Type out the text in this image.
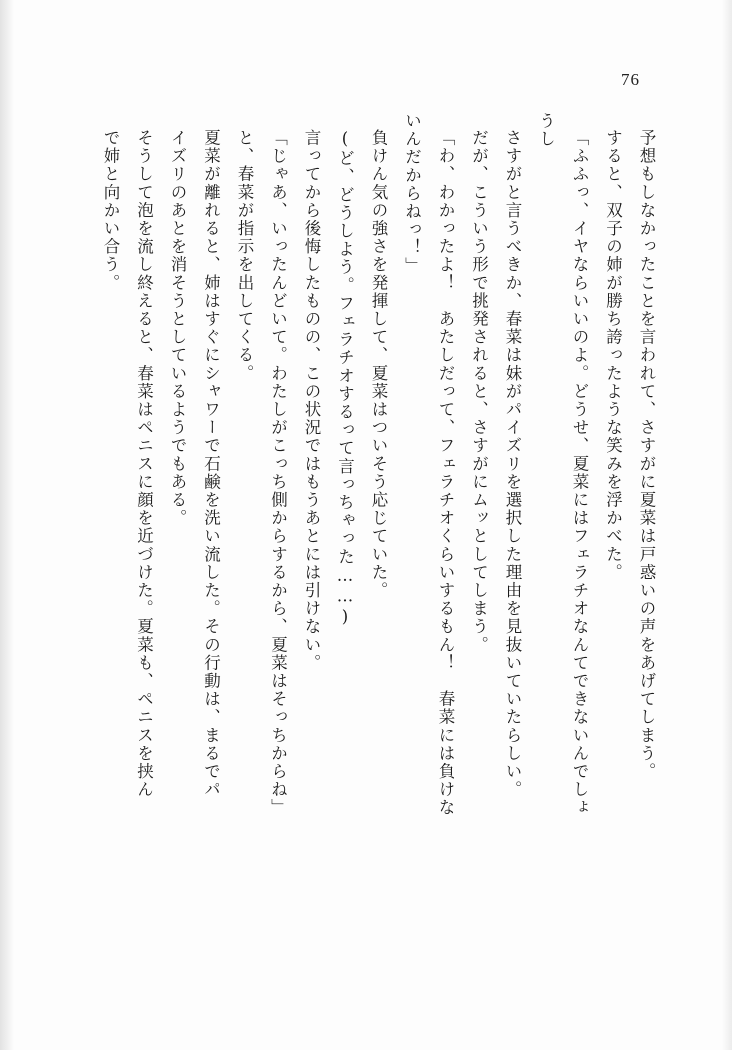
76
予想もしなかったことを言われて、さすがに夏菜は戸惑いの声をあげてしまう。
すると、双子の姉が勝ち誇ったような笑みを浮かべた。
「ふふっ、イヤならいいのよ。どうせ、夏菜にはフェラチオなんてできないんでしょ
うし
さすがと言うべきか、春菜は妹がパイズリを選択した理由を見抜いていたらしい。
だが、こういう形で挑発されると、さすがにムッとしてしまう。
「わ、わかったよ！　あたしだって、フェラチオくらいするもん！　春菜には負けな
いんだからねっ！」
負けん気の強さを発揮して、夏菜はついそう応じていた。
(ど、どうしよう。フェラチオするって言っちゃった……)
言ってから後悔したものの、この状況ではもうあとには引けない。
「じゃあ、いったんどいて。わたしがこっち側からするから、夏菜はそっちからね」
と、春菜が指示を出してくる。
夏菜が離れると、姉はすぐにシャワーで石鹸を洗い流した。その行動は、まるでパ
イズリのあとを消そうとしているようでもある。
そうして泡を流し終えると、春菜はペニスに顔を近づけた。夏菜も、ペニスを挟ん
で姉と向かい合う。
